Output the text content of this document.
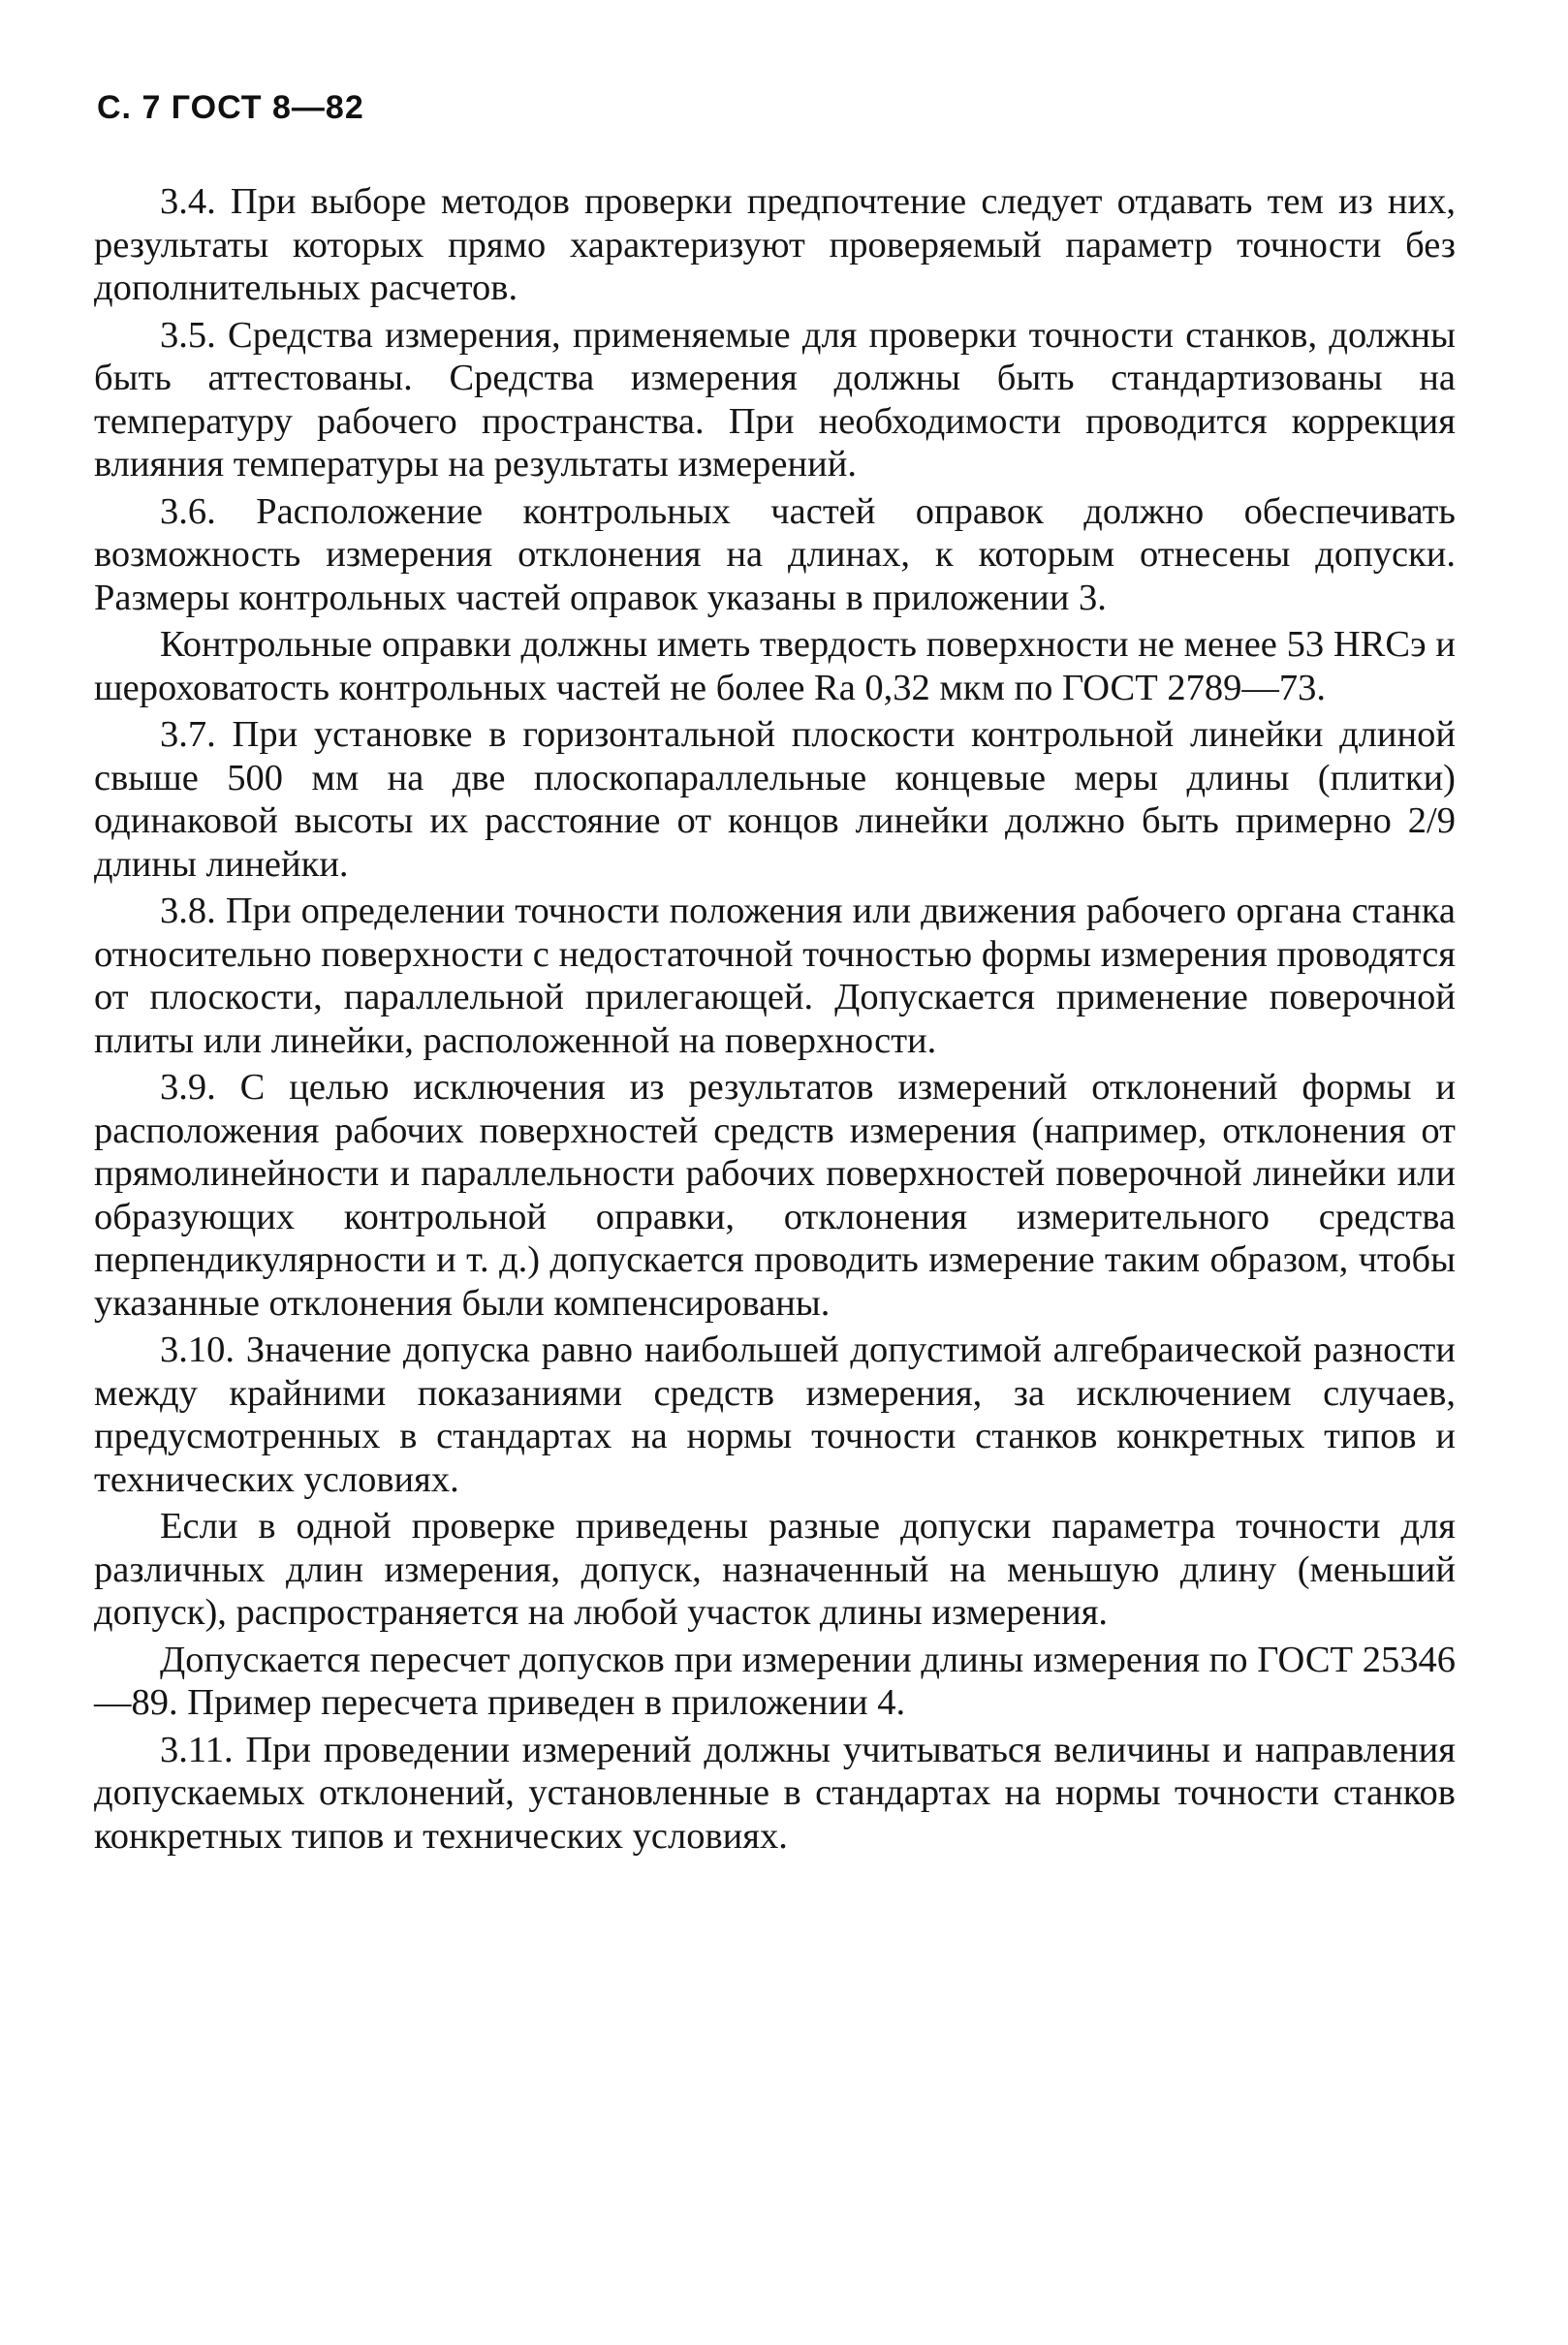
С. 7 ГОСТ 8—82

3.4. При выборе методов проверки предпочтение следует отдавать тем из них, результаты которых прямо характеризуют проверяемый параметр точности без дополнительных расчетов.

3.5. Средства измерения, применяемые для проверки точности станков, должны быть аттестованы. Средства измерения должны быть стандартизованы на температуру рабочего пространства. При необходимости проводится коррекция влияния температуры на результаты измерений.

3.6. Расположение контрольных частей оправок должно обеспечивать возможность измерения отклонения на длинах, к которым отнесены допуски. Размеры контрольных частей оправок указаны в приложении 3.

Контрольные оправки должны иметь твердость поверхности не менее 53 HRCэ и шероховатость контрольных частей не более Ra 0,32 мкм по ГОСТ 2789—73.

3.7. При установке в горизонтальной плоскости контрольной линейки длиной свыше 500 мм на две плоскопараллельные концевые меры длины (плитки) одинаковой высоты их расстояние от концов линейки должно быть примерно 2/9 длины линейки.

3.8. При определении точности положения или движения рабочего органа станка относительно поверхности с недостаточной точностью формы измерения проводятся от плоскости, параллельной прилегающей. Допускается применение поверочной плиты или линейки, расположенной на поверхности.

3.9. С целью исключения из результатов измерений отклонений формы и расположения рабочих поверхностей средств измерения (например, отклонения от прямолинейности и параллельности рабочих поверхностей поверочной линейки или образующих контрольной оправки, отклонения измерительного средства перпендикулярности и т. д.) допускается проводить измерение таким образом, чтобы указанные отклонения были компенсированы.

3.10. Значение допуска равно наибольшей допустимой алгебраической разности между крайними показаниями средств измерения, за исключением случаев, предусмотренных в стандартах на нормы точности станков конкретных типов и технических условиях.

Если в одной проверке приведены разные допуски параметра точности для различных длин измерения, допуск, назначенный на меньшую длину (меньший допуск), распространяется на любой участок длины измерения.

Допускается пересчет допусков при измерении длины измерения по ГОСТ 25346—89. Пример пересчета приведен в приложении 4.

3.11. При проведении измерений должны учитываться величины и направления допускаемых отклонений, установленные в стандартах на нормы точности станков конкретных типов и технических условиях.
